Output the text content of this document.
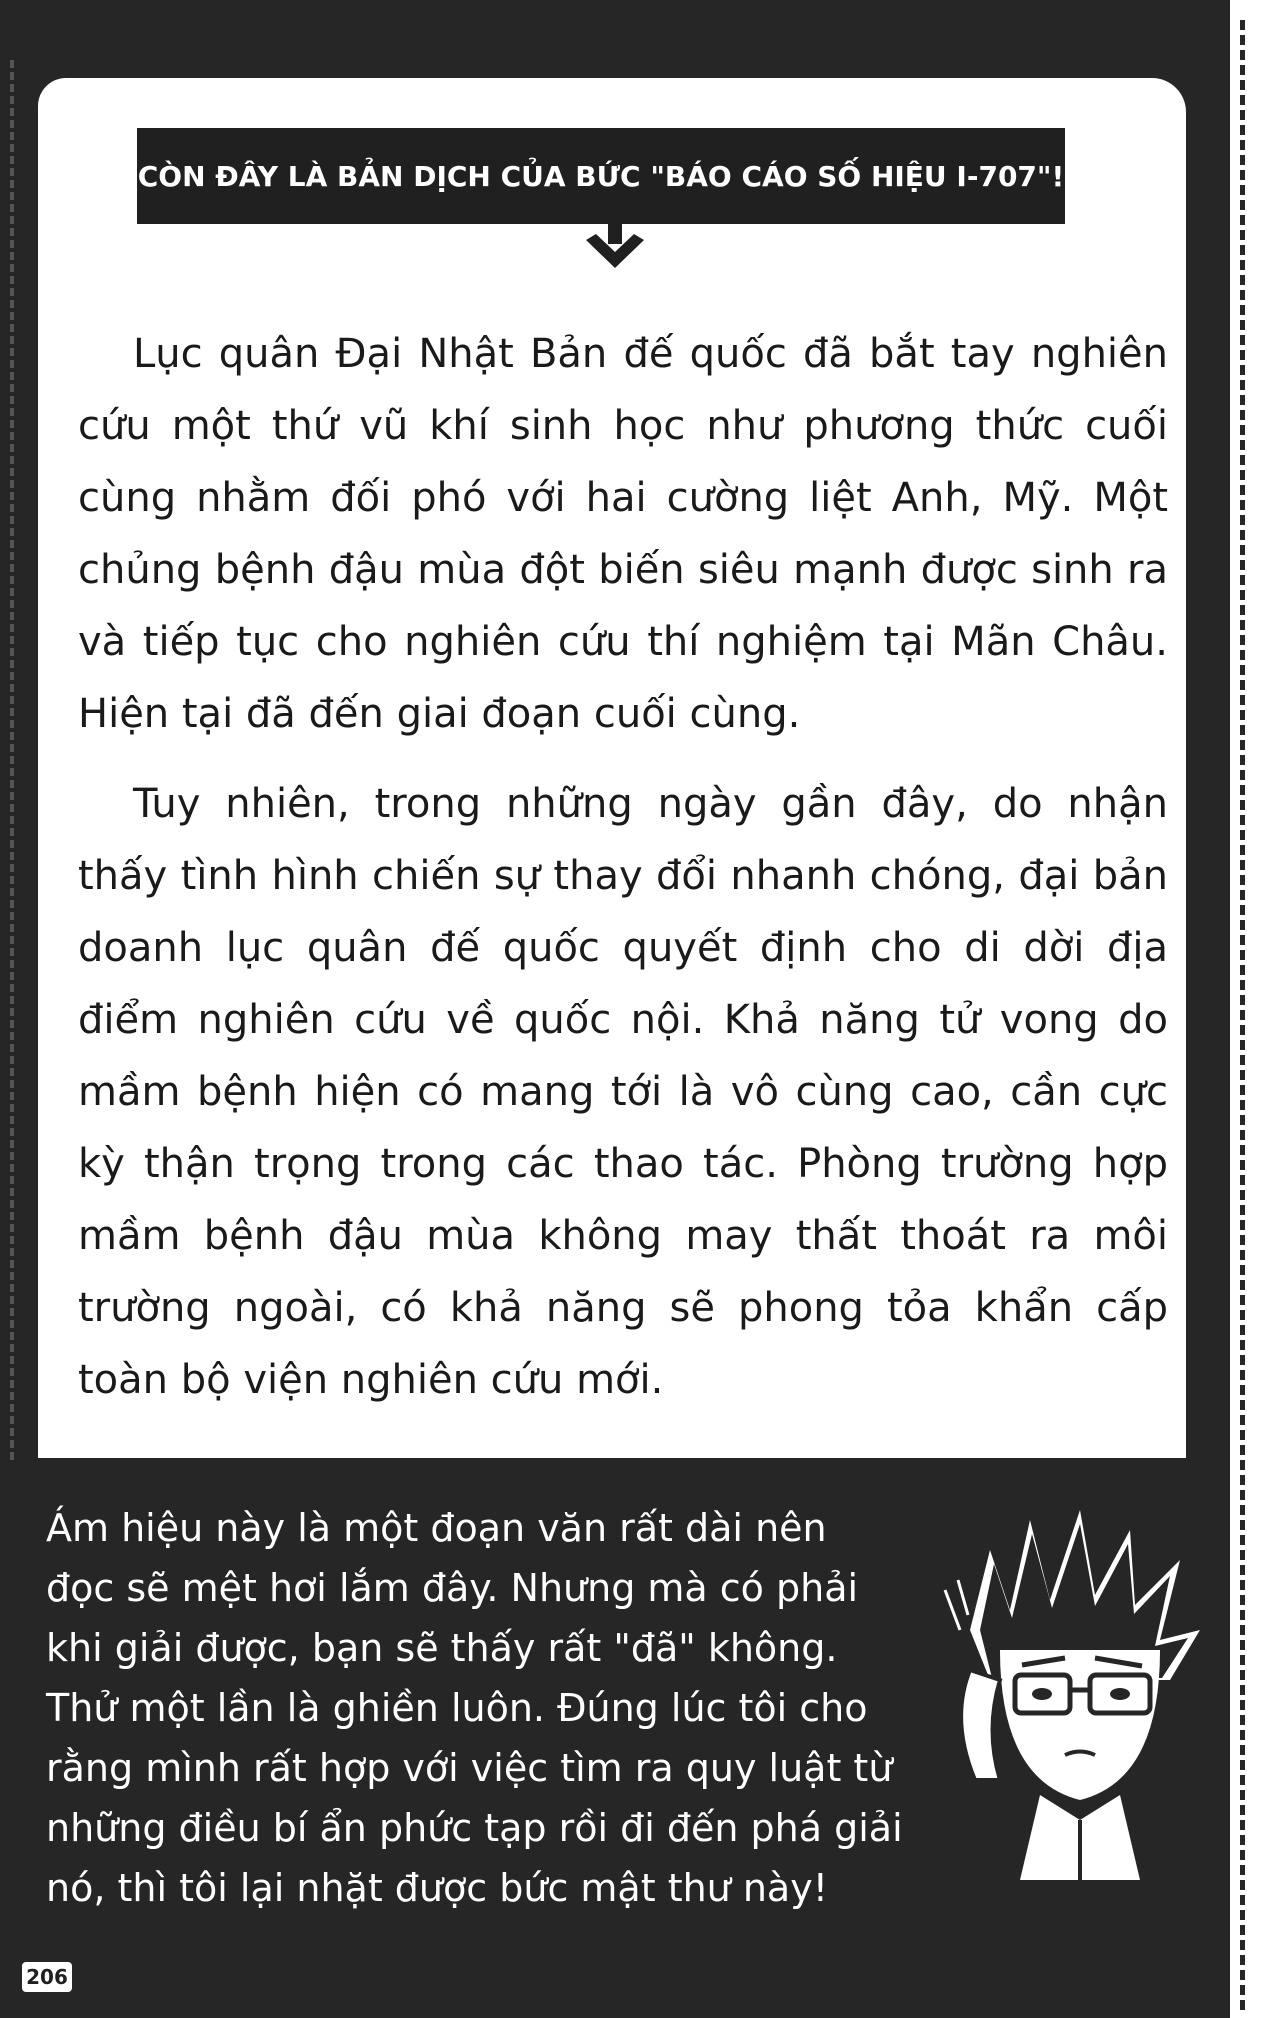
CÒN ĐÂY LÀ BẢN DỊCH CỦA BỨC "BÁO CÁO SỐ HIỆU I-707"!

Lục quân Đại Nhật Bản đế quốc đã bắt tay nghiên cứu một thứ vũ khí sinh học như phương thức cuối cùng nhằm đối phó với hai cường liệt Anh, Mỹ. Một chủng bệnh đậu mùa đột biến siêu mạnh được sinh ra và tiếp tục cho nghiên cứu thí nghiệm tại Mãn Châu. Hiện tại đã đến giai đoạn cuối cùng.

Tuy nhiên, trong những ngày gần đây, do nhận thấy tình hình chiến sự thay đổi nhanh chóng, đại bản doanh lục quân đế quốc quyết định cho di dời địa điểm nghiên cứu về quốc nội. Khả năng tử vong do mầm bệnh hiện có mang tới là vô cùng cao, cần cực kỳ thận trọng trong các thao tác. Phòng trường hợp mầm bệnh đậu mùa không may thất thoát ra môi trường ngoài, có khả năng sẽ phong tỏa khẩn cấp toàn bộ viện nghiên cứu mới.

Ám hiệu này là một đoạn văn rất dài nên đọc sẽ mệt hơi lắm đây. Nhưng mà có phải khi giải được, bạn sẽ thấy rất "đã" không. Thử một lần là ghiền luôn. Đúng lúc tôi cho rằng mình rất hợp với việc tìm ra quy luật từ những điều bí ẩn phức tạp rồi đi đến phá giải nó, thì tôi lại nhặt được bức mật thư này!
206
